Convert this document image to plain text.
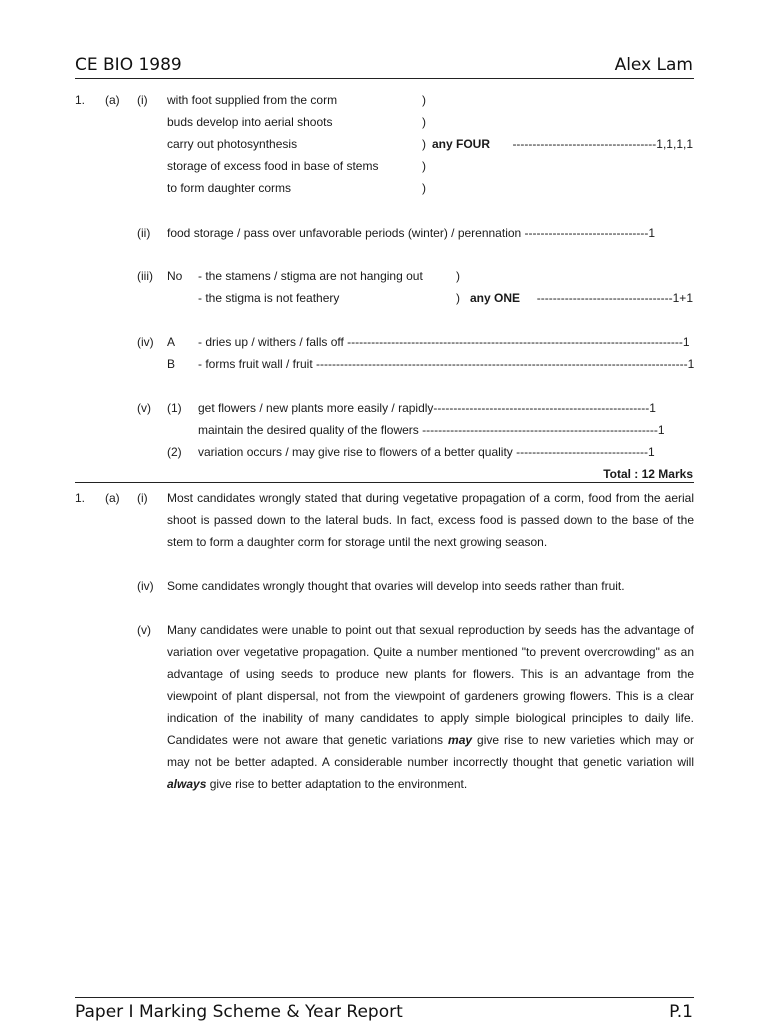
CE BIO 1989	Alex Lam
1. (a) (i) with foot supplied from the corm
buds develop into aerial shoots
carry out photosynthesis
storage of excess food in base of stems
to form daughter corms
)
)
)
)
)
any FOUR ------------------------------------1,1,1,1
(ii) food storage / pass over unfavorable periods (winter) / perennation -------------------------------1
(iii) No - the stamens / stigma are not hanging out
- the stigma is not feathery
)
) any ONE ----------------------------------1+1
(iv) A - dries up / withers / falls off ------------------------------------------------------------------------------------1
B - forms fruit wall / fruit ---------------------------------------------------------------------------------------------1
(v) (1) get flowers / new plants more easily / rapidly------------------------------------------------------1
maintain the desired quality of the flowers -----------------------------------------------------------1
(2) variation occurs / may give rise to flowers of a better quality ---------------------------------1
Total : 12 Marks
1. (a) (i) Most candidates wrongly stated that during vegetative propagation of a corm, food from the aerial shoot is passed down to the lateral buds. In fact, excess food is passed down to the base of the stem to form a daughter corm for storage until the next growing season.

(iv) Some candidates wrongly thought that ovaries will develop into seeds rather than fruit.

(v) Many candidates were unable to point out that sexual reproduction by seeds has the advantage of variation over vegetative propagation. Quite a number mentioned "to prevent overcrowding" as an advantage of using seeds to produce new plants for flowers. This is an advantage from the viewpoint of plant dispersal, not from the viewpoint of gardeners growing flowers. This is a clear indication of the inability of many candidates to apply simple biological principles to daily life. Candidates were not aware that genetic variations may give rise to new varieties which may or may not be better adapted. A considerable number incorrectly thought that genetic variation will always give rise to better adaptation to the environment.

Paper I Marking Scheme & Year Report	P.1
